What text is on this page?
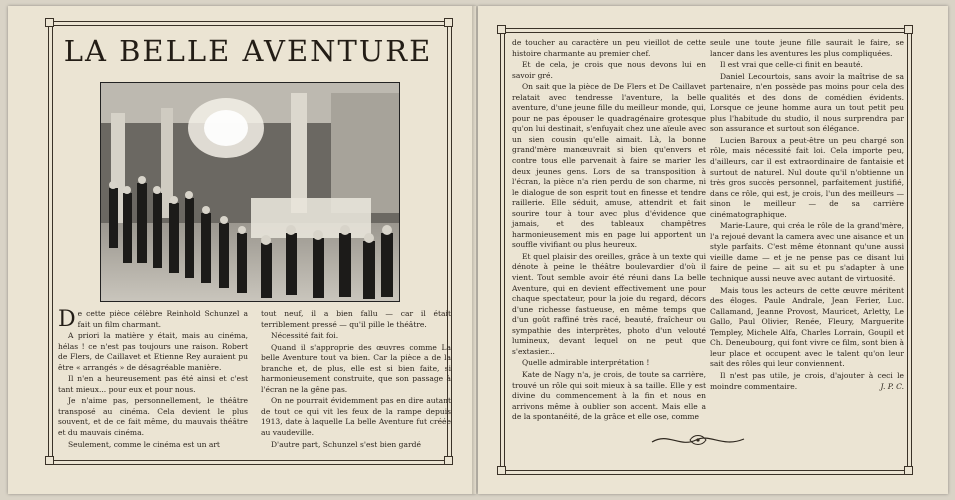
LA BELLE AVENTURE

De cette pièce célèbre Reinhold Schunzel a fait un film charmant.

A priori la matière y était, mais au cinéma, hélas ! ce n'est pas toujours une raison. Robert de Flers, de Caillavet et Etienne Rey auraient pu être « arrangés » de désagréable manière.

Il n'en a heureusement pas été ainsi et c'est tant mieux... pour eux et pour nous.

Je n'aime pas, personnellement, le théâtre transposé au cinéma. Cela devient le plus souvent, et de ce fait même, du mauvais théâtre et du mauvais cinéma.

Seulement, comme le cinéma est un art

tout neuf, il a bien fallu — car il était terriblement pressé — qu'il pille le théâtre.

Nécessité fait foi.

Quand il s'approprie des œuvres comme La belle Aventure tout va bien. Car la pièce a de la branche et, de plus, elle est si bien faite, si harmonieusement construite, que son passage à l'écran ne la gêne pas.

On ne pourrait évidemment pas en dire autant de tout ce qui vit les feux de la rampe depuis 1913, date à laquelle La belle Aventure fut créée au vaudeville.

D'autre part, Schunzel s'est bien gardé

de toucher au caractère un peu vieillot de cette histoire charmante au premier chef.

Et de cela, je crois que nous devons lui en savoir gré.

On sait que la pièce de De Flers et De Caillavet relatait avec tendresse l'aventure, la belle aventure, d'une jeune fille du meilleur monde, qui, pour ne pas épouser le quadragénaire grotesque qu'on lui destinait, s'enfuyait chez une aïeule avec un sien cousin qu'elle aimait. Là, la bonne grand'mère manœuvrait si bien qu'envers et contre tous elle parvenait à faire se marier les deux jeunes gens. Lors de sa transposition à l'écran, la pièce n'a rien perdu de son charme, ni le dialogue de son esprit tout en finesse et tendre raillerie. Elle séduit, amuse, attendrit et fait sourire tour à tour avec plus d'évidence que jamais, et des tableaux champêtres harmonieusement mis en page lui apportent un souffle vivifiant ou plus heureux.

Et quel plaisir des oreilles, grâce à un texte qui dénote à peine le théâtre boulevardier d'où il vient. Tout semble avoir été réuni dans La belle Aventure, qui en devient effectivement une pour chaque spectateur, pour la joie du regard, décors d'une richesse fastueuse, en même temps que d'un goût raffiné très racé, beauté, fraîcheur ou sympathie des interprètes, photo d'un velouté lumineux, devant lequel on ne peut que s'extasier...

Quelle admirable interprétation !

Kate de Nagy n'a, je crois, de toute sa carrière, trouvé un rôle qui soit mieux à sa taille. Elle y est divine du commencement à la fin et nous en arrivons même à oublier son accent. Mais elle a de la spontanéité, de la grâce et elle ose, comme

seule une toute jeune fille saurait le faire, se lancer dans les aventures les plus compliquées.

Il est vrai que celle-ci finit en beauté.

Daniel Lecourtois, sans avoir la maîtrise de sa partenaire, n'en possède pas moins pour cela des qualités et des dons de comédien évidents. Lorsque ce jeune homme aura un tout petit peu plus l'habitude du studio, il nous surprendra par son assurance et surtout son élégance.

Lucien Baroux a peut-être un peu chargé son rôle, mais nécessité fait loi. Cela importe peu, d'ailleurs, car il est extraordinaire de fantaisie et surtout de naturel. Nul doute qu'il n'obtienne un très gros succès personnel, parfaitement justifié, dans ce rôle, qui est, je crois, l'un des meilleurs — sinon le meilleur — de sa carrière cinématographique.

Marie-Laure, qui créa le rôle de la grand'mère, l'a rejoué devant la camera avec une aisance et un style parfaits. C'est même étonnant qu'une aussi vieille dame — et je ne pense pas ce disant lui faire de peine — ait su et pu s'adapter à une technique aussi neuve avec autant de virtuosité.

Mais tous les acteurs de cette œuvre méritent des éloges. Paule Andrale, Jean Ferier, Luc. Callamand, Jeanne Provost, Mauricet, Arletty, Le Gallo, Paul Olivier, Renée, Fleury, Marguerite Templey, Michele Alfa, Charles Lorrain, Goupil et Ch. Deneubourg, qui font vivre ce film, sont bien à leur place et occupent avec le talent qu'on leur sait des rôles qui leur conviennent.

Il n'est pas utile, je crois, d'ajouter à ceci le moindre commentaire.	J. P. C.
